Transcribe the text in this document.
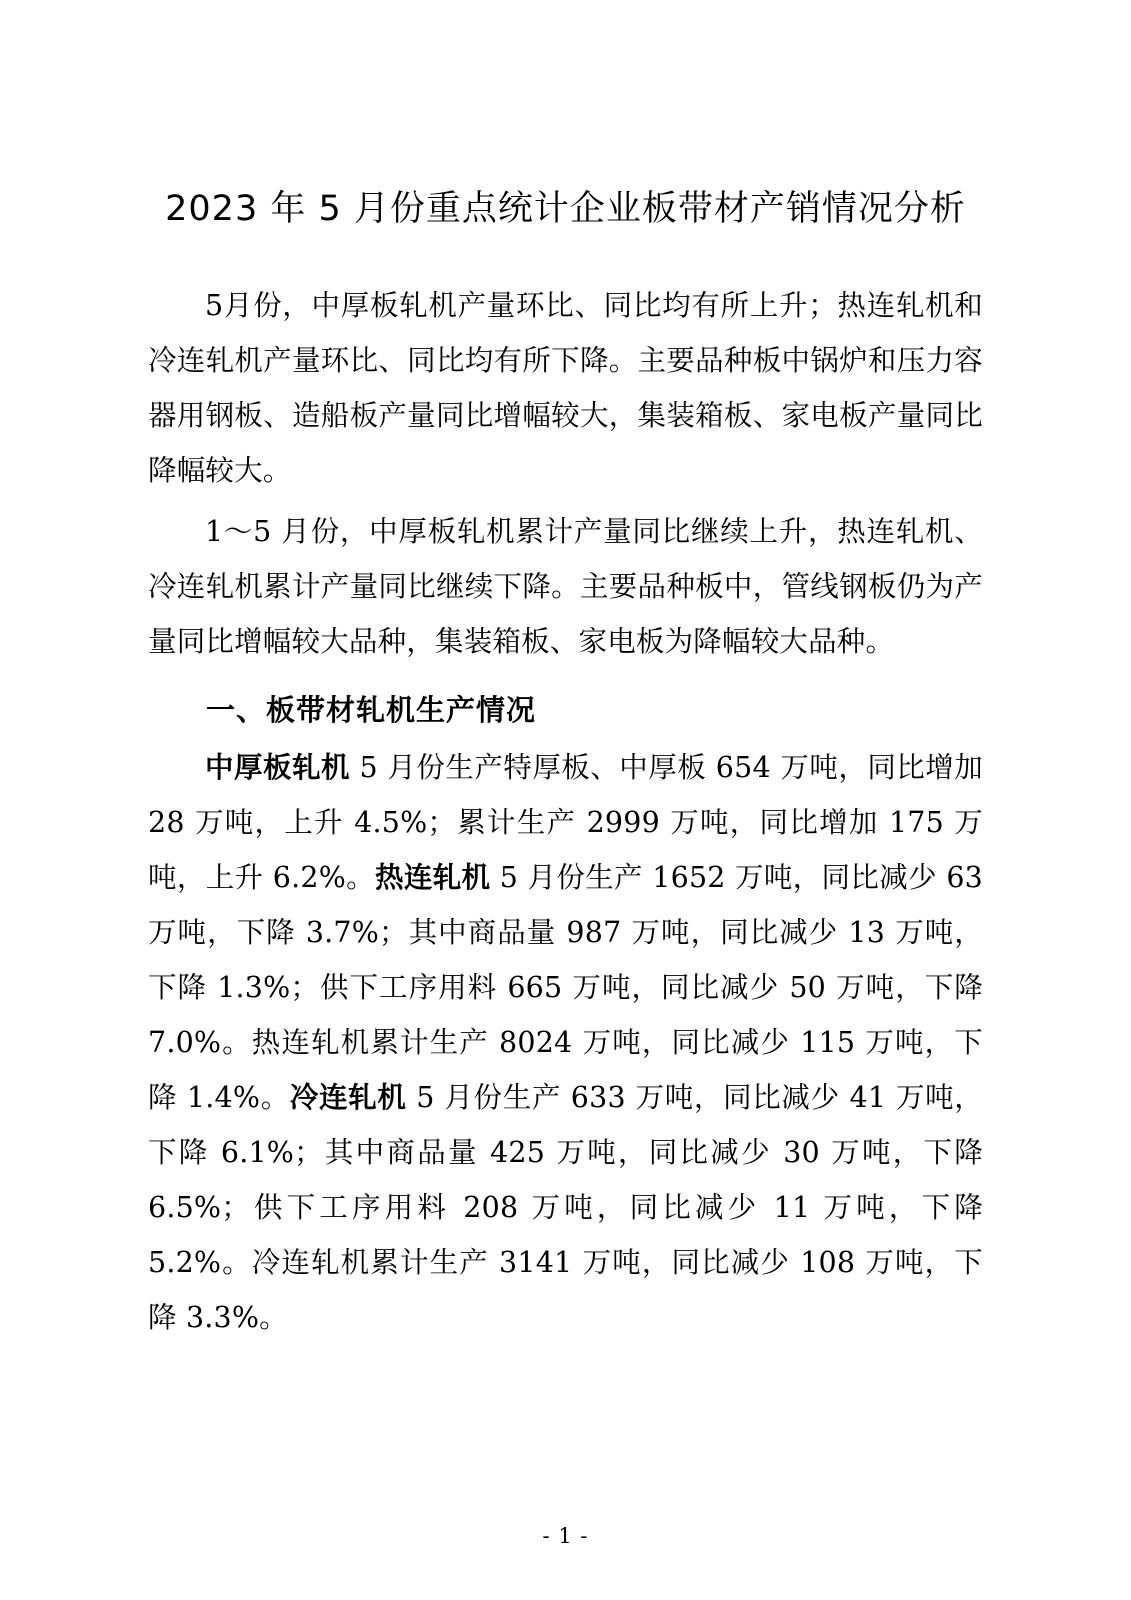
2023 年 5 月份重点统计企业板带材产销情况分析

5月份，中厚板轧机产量环比、同比均有所上升；热连轧机和冷连轧机产量环比、同比均有所下降。主要品种板中锅炉和压力容器用钢板、造船板产量同比增幅较大，集装箱板、家电板产量同比降幅较大。

1～5 月份，中厚板轧机累计产量同比继续上升，热连轧机、冷连轧机累计产量同比继续下降。主要品种板中，管线钢板仍为产量同比增幅较大品种，集装箱板、家电板为降幅较大品种。

一、板带材轧机生产情况

中厚板轧机 5 月份生产特厚板、中厚板 654 万吨，同比增加 28 万吨，上升 4.5%；累计生产 2999 万吨，同比增加 175 万吨，上升 6.2%。热连轧机 5 月份生产 1652 万吨，同比减少 63 万吨，下降 3.7%；其中商品量 987 万吨，同比减少 13 万吨，下降 1.3%；供下工序用料 665 万吨，同比减少 50 万吨，下降 7.0%。热连轧机累计生产 8024 万吨，同比减少 115 万吨，下降 1.4%。冷连轧机 5 月份生产 633 万吨，同比减少 41 万吨，下降 6.1%；其中商品量 425 万吨，同比减少 30 万吨，下降 6.5%；供下工序用料 208 万吨，同比减少 11 万吨，下降 5.2%。冷连轧机累计生产 3141 万吨，同比减少 108 万吨，下降 3.3%。

- 1 -
